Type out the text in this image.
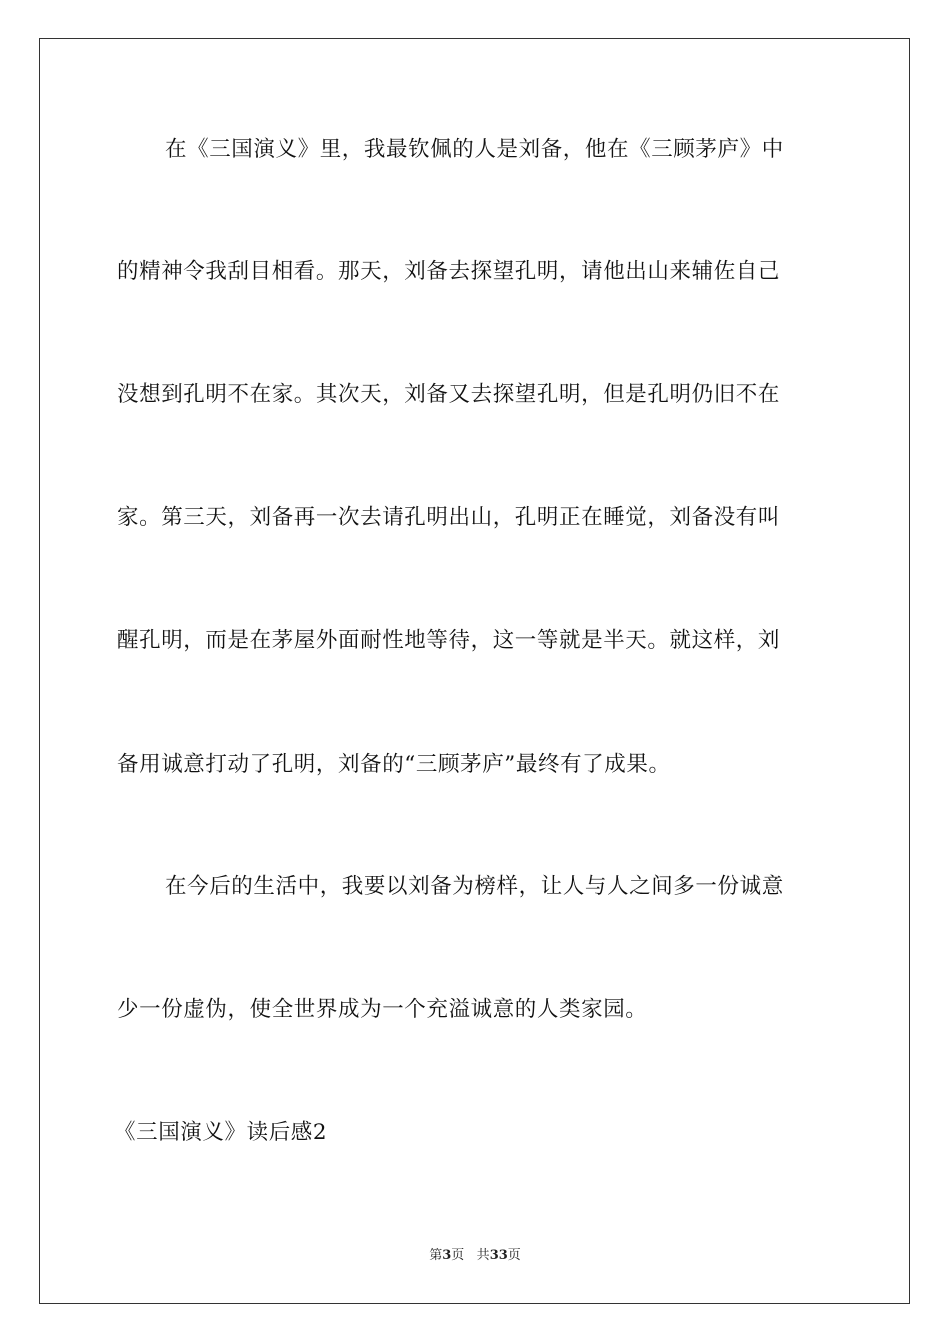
在《三国演义》里，我最钦佩的人是刘备，他在《三顾茅庐》中
的精神令我刮目相看。那天，刘备去探望孔明，请他出山来辅佐自己
没想到孔明不在家。其次天，刘备又去探望孔明，但是孔明仍旧不在
家。第三天，刘备再一次去请孔明出山，孔明正在睡觉，刘备没有叫
醒孔明，而是在茅屋外面耐性地等待，这一等就是半天。就这样，刘
备用诚意打动了孔明，刘备的“三顾茅庐”最终有了成果。
在今后的生活中，我要以刘备为榜样，让人与人之间多一份诚意
少一份虚伪，使全世界成为一个充溢诚意的人类家园。
《三国演义》读后感2
第3页 共33页
